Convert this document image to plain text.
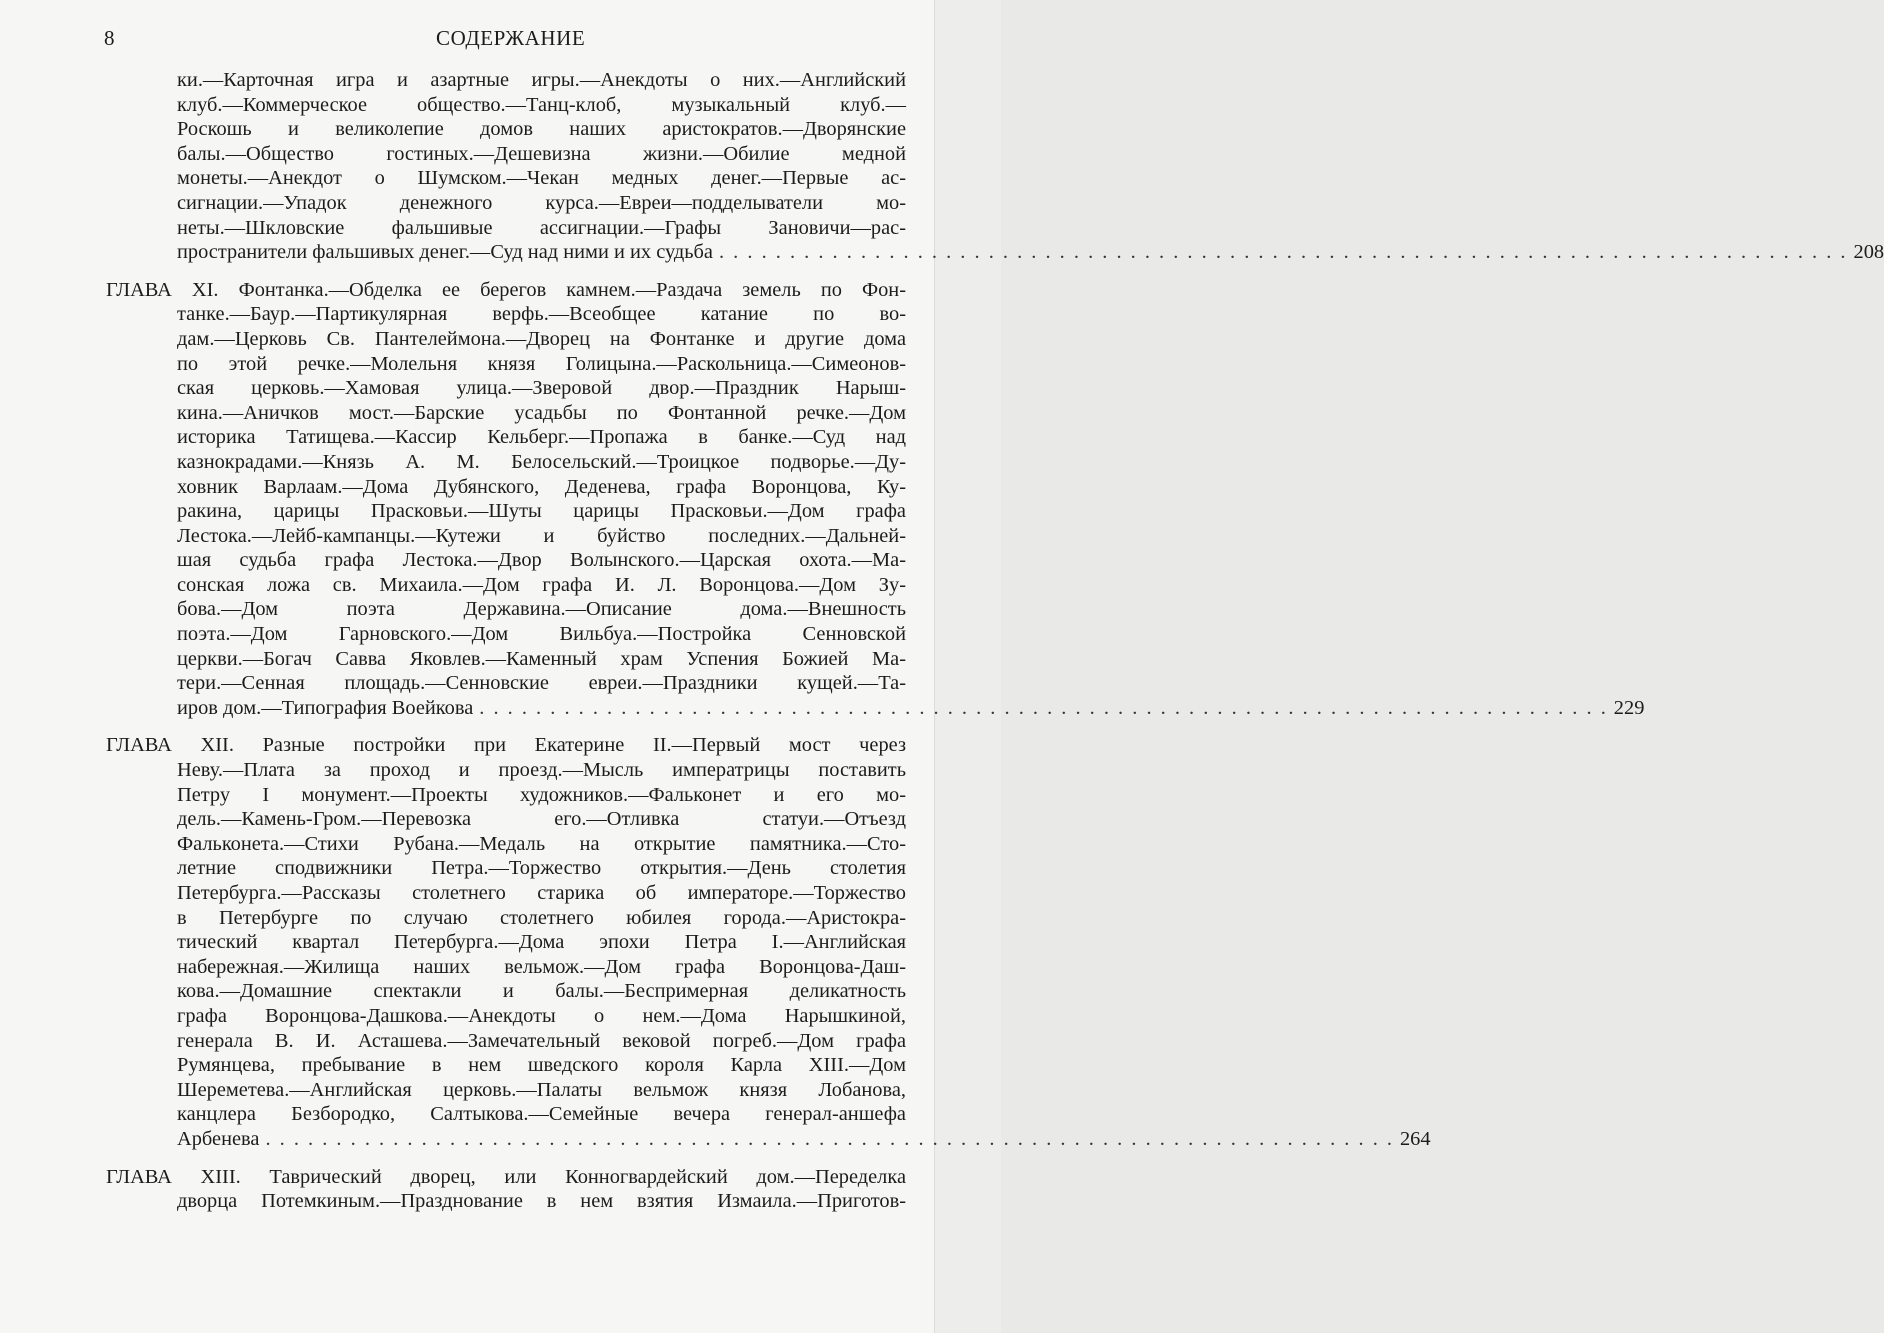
8	СОДЕРЖАНИЕ
ки.—Карточная игра и азартные игры.—Анекдоты о них.—Английский
клуб.—Коммерческое общество.—Танц-клоб, музыкальный клуб.—
Роскошь и великолепие домов наших аристократов.—Дворянские
балы.—Общество гостиных.—Дешевизна жизни.—Обилие медной
монеты.—Анекдот о Шумском.—Чекан медных денег.—Первые ас-
сигнации.—Упадок денежного курса.—Евреи—подделыватели мо-
неты.—Шкловские фальшивые ассигнации.—Графы Зановичи—рас-
пространители фальшивых денег.—Суд над ними и их судьба . . . . . . . . . . . . . . . . . . . . . . . . . . . . . . . . . . . . . . . . . . . . . . . . . . . . . . . . . . . . . . . . . . . . . . . . . . . . . . . . 208
ГЛАВА XI. Фонтанка.—Обделка ее берегов камнем.—Раздача земель по Фон-
танке.—Баур.—Партикулярная верфь.—Всеобщее катание по во-
дам.—Церковь Св. Пантелеймона.—Дворец на Фонтанке и другие дома
по этой речке.—Молельня князя Голицына.—Раскольница.—Симеонов-
ская церковь.—Хамовая улица.—Зверовой двор.—Праздник Нарыш-
кина.—Аничков мост.—Барские усадьбы по Фонтанной речке.—Дом
историка Татищева.—Кассир Кельберг.—Пропажа в банке.—Суд над
казнокрадами.—Князь А. М. Белосельский.—Троицкое подворье.—Ду-
ховник Варлаам.—Дома Дубянского, Деденева, графа Воронцова, Ку-
ракина, царицы Прасковьи.—Шуты царицы Прасковьи.—Дом графа
Лестока.—Лейб-кампанцы.—Кутежи и буйство последних.—Дальней-
шая судьба графа Лестока.—Двор Волынского.—Царская охота.—Ма-
сонская ложа св. Михаила.—Дом графа И. Л. Воронцова.—Дом Зу-
бова.—Дом поэта Державина.—Описание дома.—Внешность
поэта.—Дом Гарновского.—Дом Вильбуа.—Постройка Сенновской
церкви.—Богач Савва Яковлев.—Каменный храм Успения Божией Ма-
тери.—Сенная площадь.—Сенновские евреи.—Праздники кущей.—Та-
иров дом.—Типография Воейкова . . . . . . . . . . . . . . . . . . . . . . . . . . . . . . . . . . . . . . . . . . . . . . . . . . . . . . . . . . . . . . . . . . . . . . . . . . . . . . . . 229
ГЛАВА XII. Разные постройки при Екатерине II.—Первый мост через
Неву.—Плата за проход и проезд.—Мысль императрицы поставить
Петру I монумент.—Проекты художников.—Фальконет и его мо-
дель.—Камень-Гром.—Перевозка его.—Отливка статуи.—Отъезд
Фальконета.—Стихи Рубана.—Медаль на открытие памятника.—Сто-
летние сподвижники Петра.—Торжество открытия.—День столетия
Петербурга.—Рассказы столетнего старика об императоре.—Торжество
в Петербурге по случаю столетнего юбилея города.—Аристокра-
тический квартал Петербурга.—Дома эпохи Петра I.—Английская
набережная.—Жилища наших вельмож.—Дом графа Воронцова-Даш-
кова.—Домашние спектакли и балы.—Беспримерная деликатность
графа Воронцова-Дашкова.—Анекдоты о нем.—Дома Нарышкиной,
генерала В. И. Асташева.—Замечательный вековой погреб.—Дом графа
Румянцева, пребывание в нем шведского короля Карла XIII.—Дом
Шереметева.—Английская церковь.—Палаты вельмож князя Лобанова,
канцлера Безбородко, Салтыкова.—Семейные вечера генерал-аншефа
Арбенева . . . . . . . . . . . . . . . . . . . . . . . . . . . . . . . . . . . . . . . . . . . . . . . . . . . . . . . . . . . . . . . . . . . . . . . . . . . . . . . . 264
ГЛАВА XIII. Таврический дворец, или Конногвардейский дом.—Переделка
дворца Потемкиным.—Празднование в нем взятия Измаила.—Приготов-
